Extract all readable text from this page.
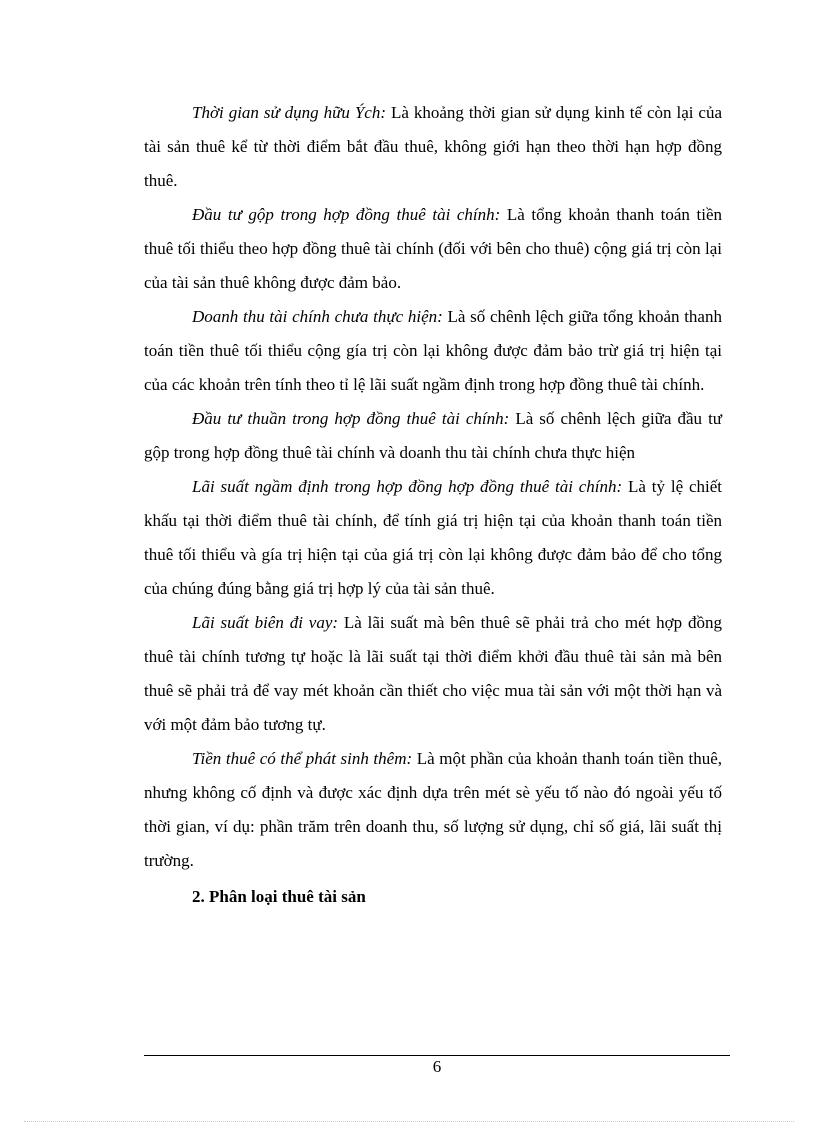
Thời gian sử dụng hữu Ých: Là khoảng thời gian sử dụng kinh tế còn lại của tài sản thuê kể từ thời điểm bắt đầu thuê, không giới hạn theo thời hạn hợp đồng thuê.

Đầu tư gộp trong hợp đồng thuê tài chính: Là tổng khoản thanh toán tiền thuê tối thiểu theo hợp đồng thuê tài chính (đối với bên cho thuê) cộng giá trị còn lại của tài sản thuê không được đảm bảo.

Doanh thu tài chính chưa thực hiện: Là số chênh lệch giữa tổng khoản thanh toán tiền thuê tối thiểu cộng gía trị còn lại không được đảm bảo trừ giá trị hiện tại của các khoản trên tính theo tỉ lệ lãi suất ngầm định trong hợp đồng thuê tài chính.

Đầu tư thuần trong hợp đồng thuê tài chính: Là số chênh lệch giữa đầu tư gộp trong hợp đồng thuê tài chính và doanh thu tài chính chưa thực hiện

Lãi suất ngầm định trong hợp đồng hợp đồng thuê tài chính: Là tỷ lệ chiết khấu tại thời điểm thuê tài chính, để tính giá trị hiện tại của khoản thanh toán tiền thuê tối thiểu và gía trị hiện tại của giá trị còn lại không được đảm bảo để cho tổng của chúng đúng bằng giá trị hợp lý của tài sản thuê.

Lãi suất biên đi vay: Là lãi suất mà bên thuê sẽ phải trả cho mét hợp đồng thuê tài chính tương tự hoặc là lãi suất tại thời điểm khởi đầu thuê tài sản mà bên thuê sẽ phải trả để vay mét khoản cần thiết cho việc mua tài sản với một thời hạn và với một đảm bảo tương tự.

Tiền thuê có thể phát sinh thêm: Là một phần của khoản thanh toán tiền thuê, nhưng không cố định và được xác định dựa trên mét sè yếu tố nào đó ngoài yếu tố thời gian, ví dụ: phần trăm trên doanh thu, số lượng sử dụng, chỉ số giá, lãi suất thị trường.

2. Phân loại thuê tài sản

6
